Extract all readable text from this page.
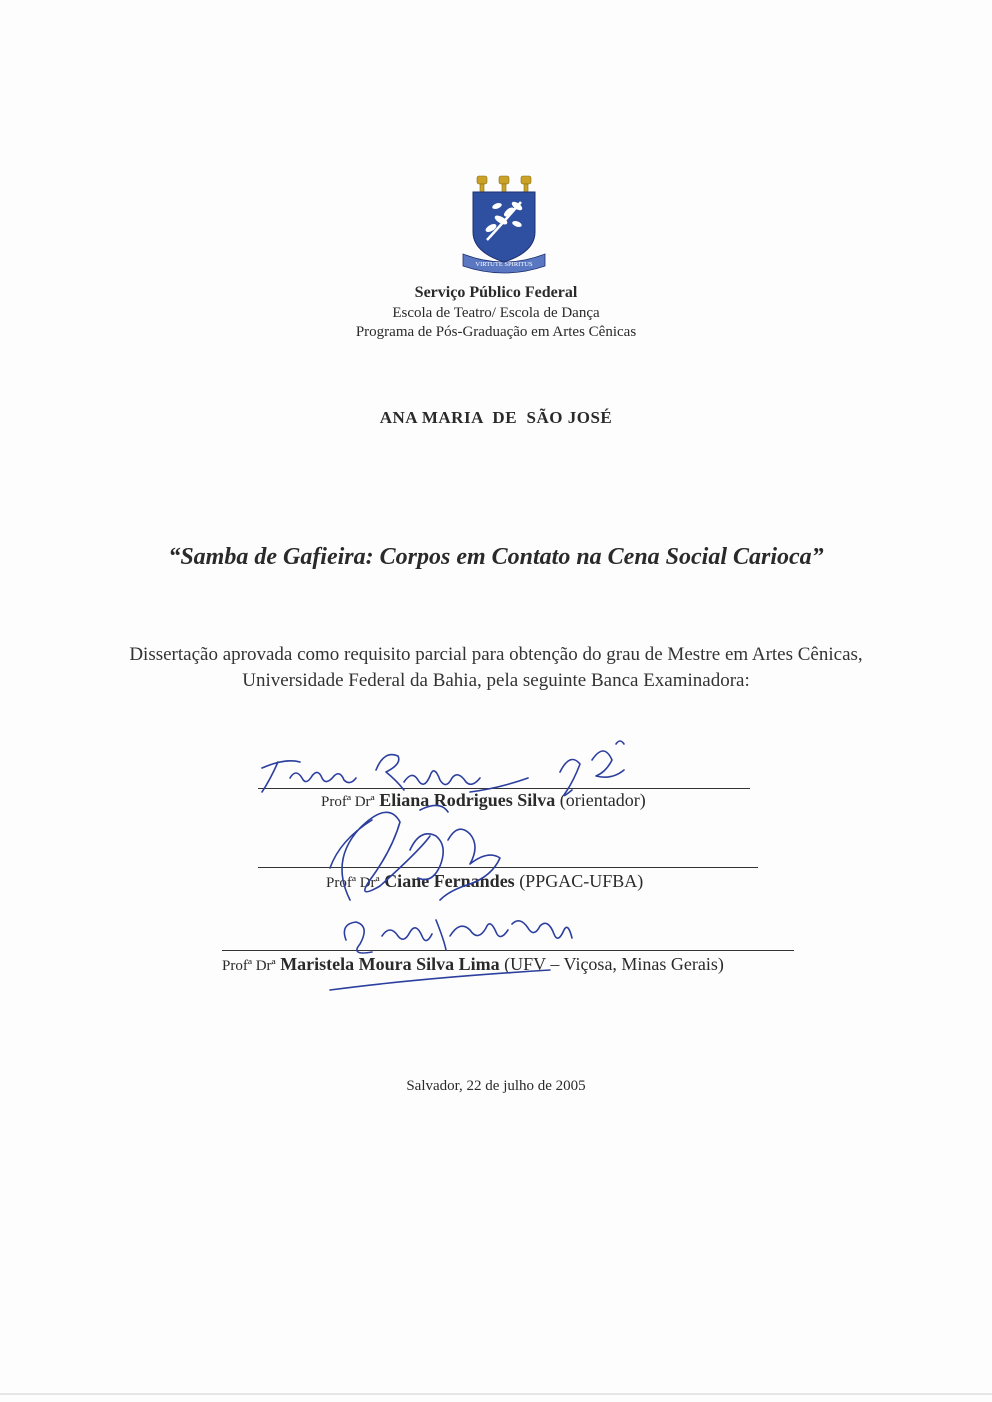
VIRTUTE SPIRITUS
Serviço Público Federal
Escola de Teatro/ Escola de Dança
Programa de Pós-Graduação em Artes Cênicas
ANA MARIA  DE  SÃO JOSÉ
“Samba de Gafieira: Corpos em Contato na Cena Social Carioca”
Dissertação aprovada como requisito parcial para obtenção do grau de Mestre em Artes Cênicas,
Universidade Federal da Bahia, pela seguinte Banca Examinadora:
Profª Drª Eliana Rodrigues Silva (orientador)
Profª Drª Ciane Fernandes (PPGAC-UFBA)
Profª Drª Maristela Moura Silva Lima (UFV – Viçosa, Minas Gerais)
Salvador, 22 de julho de 2005
